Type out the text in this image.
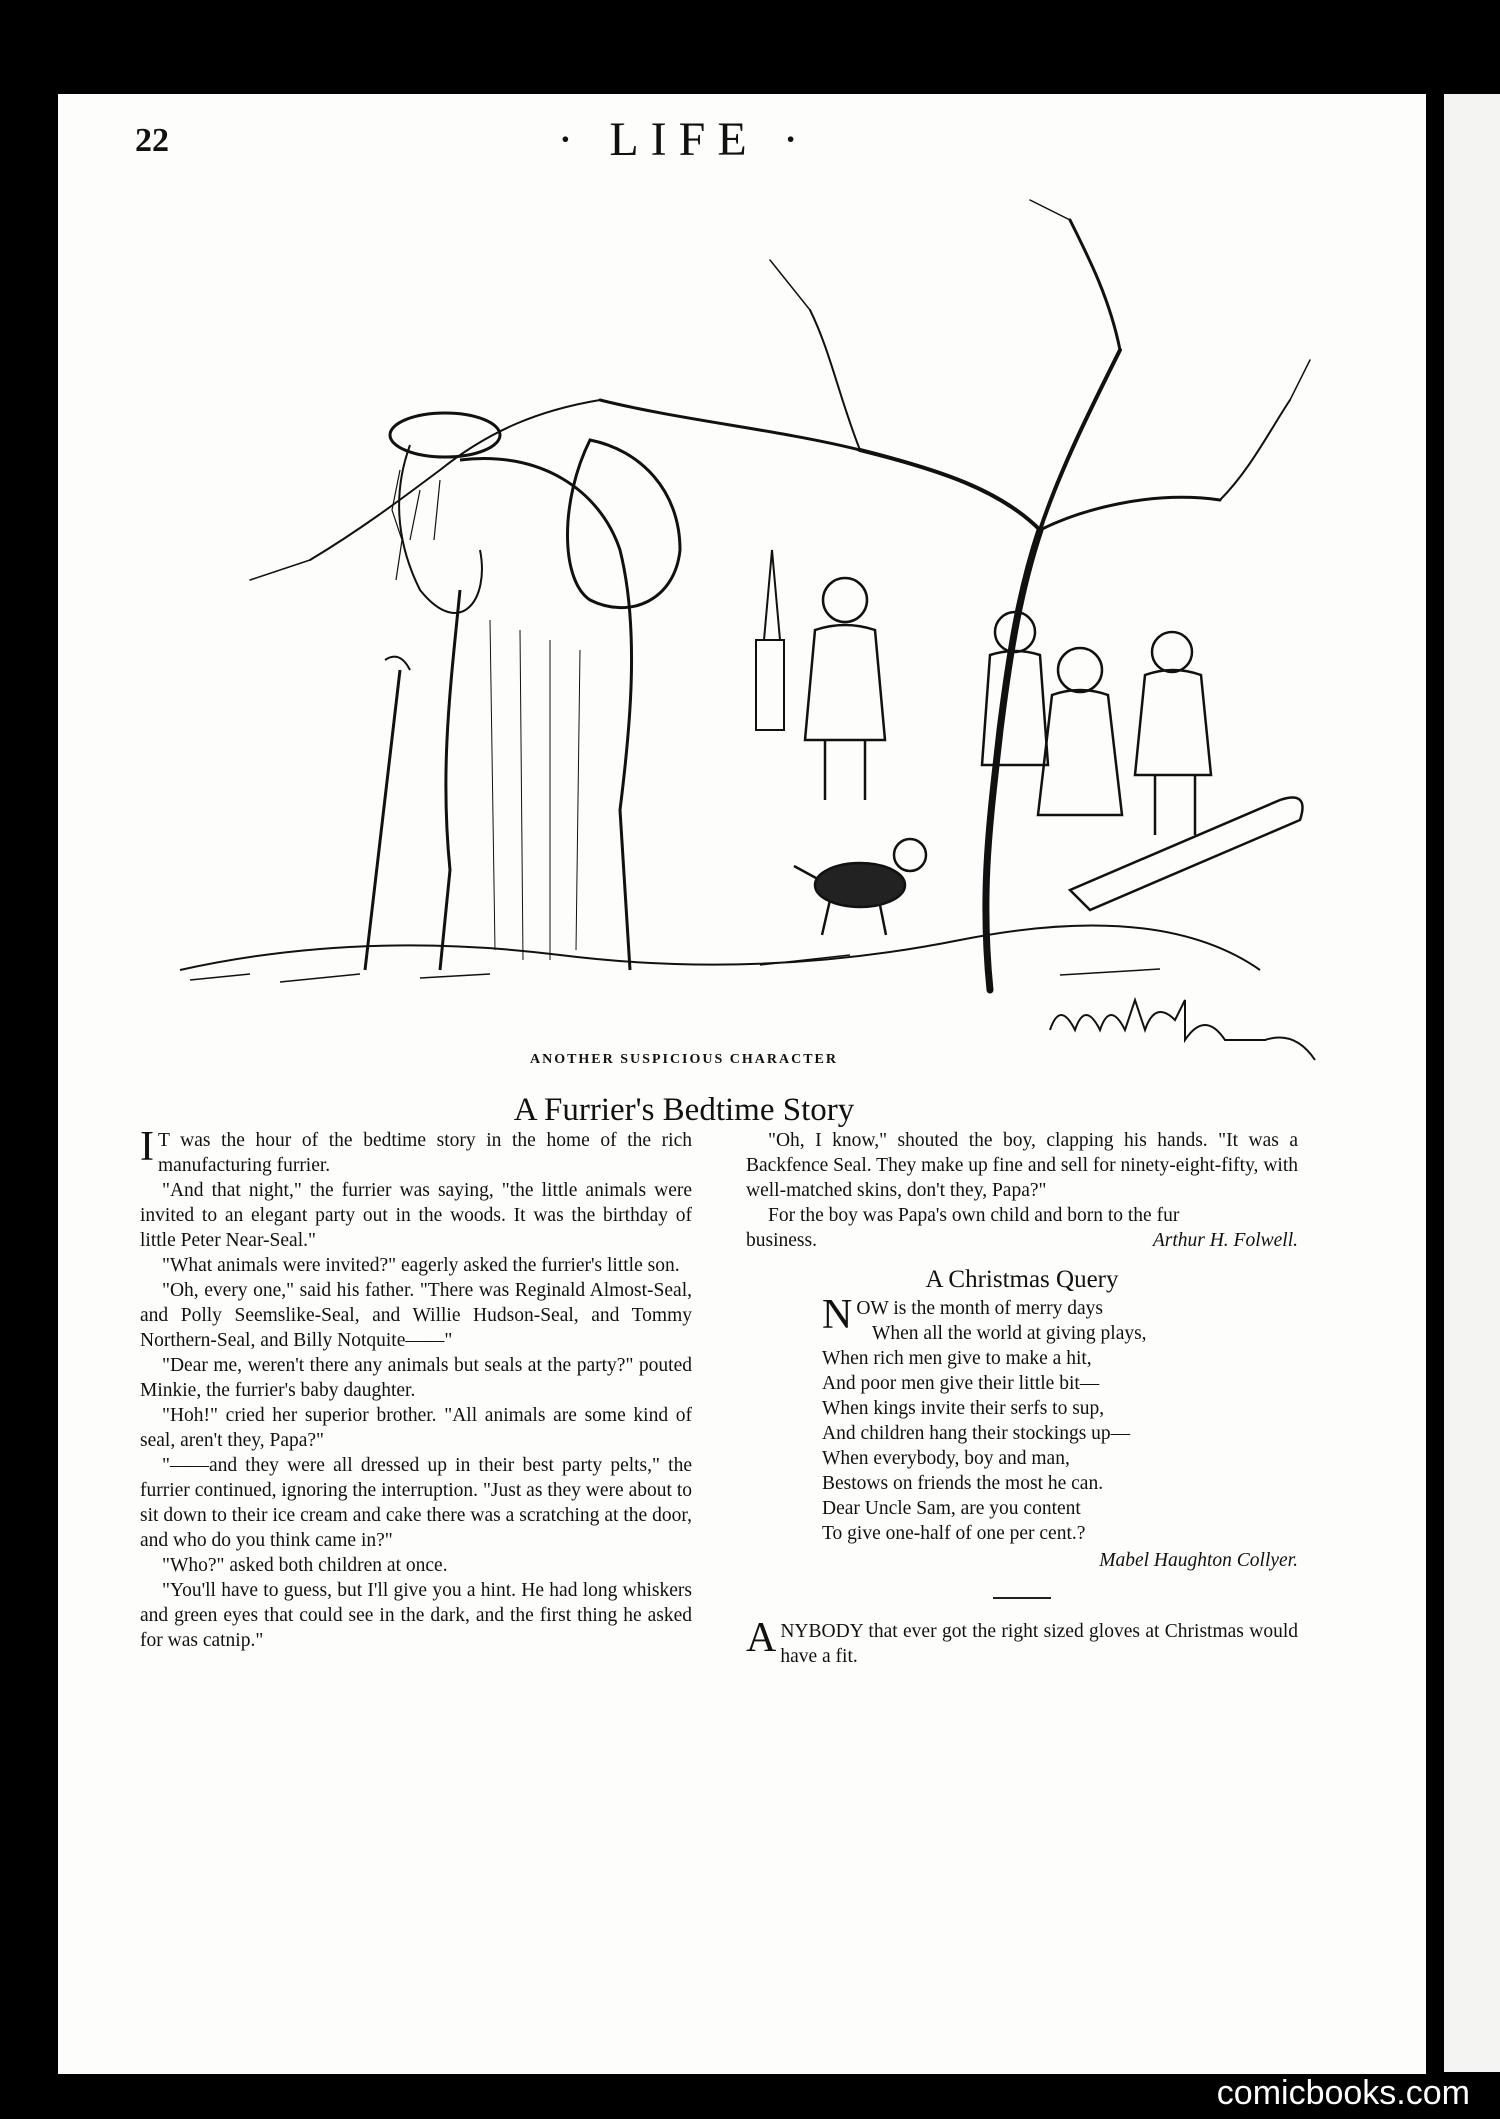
22	· LIFE ·
ANOTHER SUSPICIOUS CHARACTER
A Furrier's Bedtime Story

I T was the hour of the bedtime story in the home of the rich manufacturing furrier.

"And that night," the furrier was saying, "the little animals were invited to an elegant party out in the woods. It was the birthday of little Peter Near-Seal."

"What animals were invited?" eagerly asked the furrier's little son.

"Oh, every one," said his father. "There was Reginald Almost-Seal, and Polly Seemslike-Seal, and Willie Hudson-Seal, and Tommy Northern-Seal, and Billy Notquite——"

"Dear me, weren't there any animals but seals at the party?" pouted Minkie, the furrier's baby daughter.

"Hoh!" cried her superior brother. "All animals are some kind of seal, aren't they, Papa?"

"——and they were all dressed up in their best party pelts," the furrier continued, ignoring the interruption. "Just as they were about to sit down to their ice cream and cake there was a scratching at the door, and who do you think came in?"

"Who?" asked both children at once.

"You'll have to guess, but I'll give you a hint. He had long whiskers and green eyes that could see in the dark, and the first thing he asked for was catnip."

"Oh, I know," shouted the boy, clapping his hands. "It was a Backfence Seal. They make up fine and sell for ninety-eight-fifty, with well-matched skins, don't they, Papa?"

For the boy was Papa's own child and born to the fur

business.	Arthur H. Folwell.
A Christmas Query

NOW is the month of merry days

When all the world at giving plays,

When rich men give to make a hit,

And poor men give their little bit—

When kings invite their serfs to sup,

And children hang their stockings up—

When everybody, boy and man,

Bestows on friends the most he can.

Dear Uncle Sam, are you content

To give one-half of one per cent.?

Mabel Haughton Collyer.

ANYBODY that ever got the right sized gloves at Christmas would have a fit.

comicbooks.com
